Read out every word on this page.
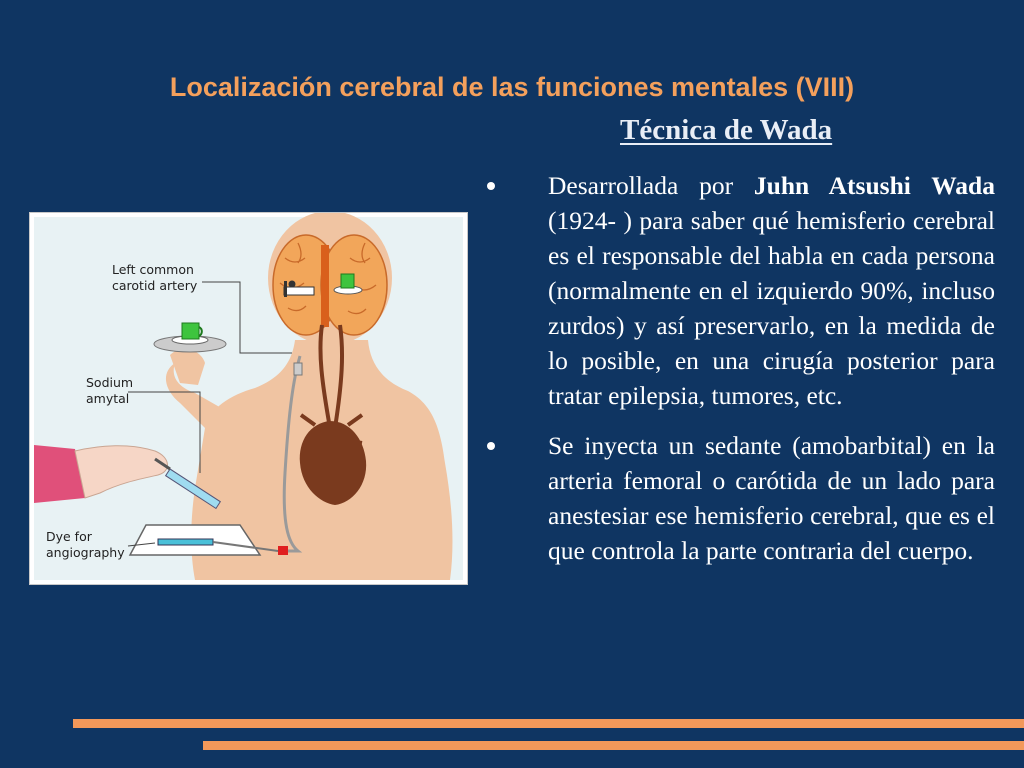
Localización cerebral de las funciones mentales (VIII)
Técnica de Wada
Left common
carotid artery
Sodium
amytal
Dye for
angiography
Desarrollada por Juhn Atsushi Wada (1924- ) para saber qué hemisferio cerebral es el responsable del habla en cada persona (normalmente en el izquierdo 90%, incluso zurdos) y así preservarlo, en la medida de lo posible, en una cirugía posterior para tratar epilepsia, tumores, etc.
Se inyecta un sedante (amobarbital) en la arteria femoral o carótida de un lado para anestesiar ese hemisferio cerebral, que es el que controla la parte contraria del cuerpo.
